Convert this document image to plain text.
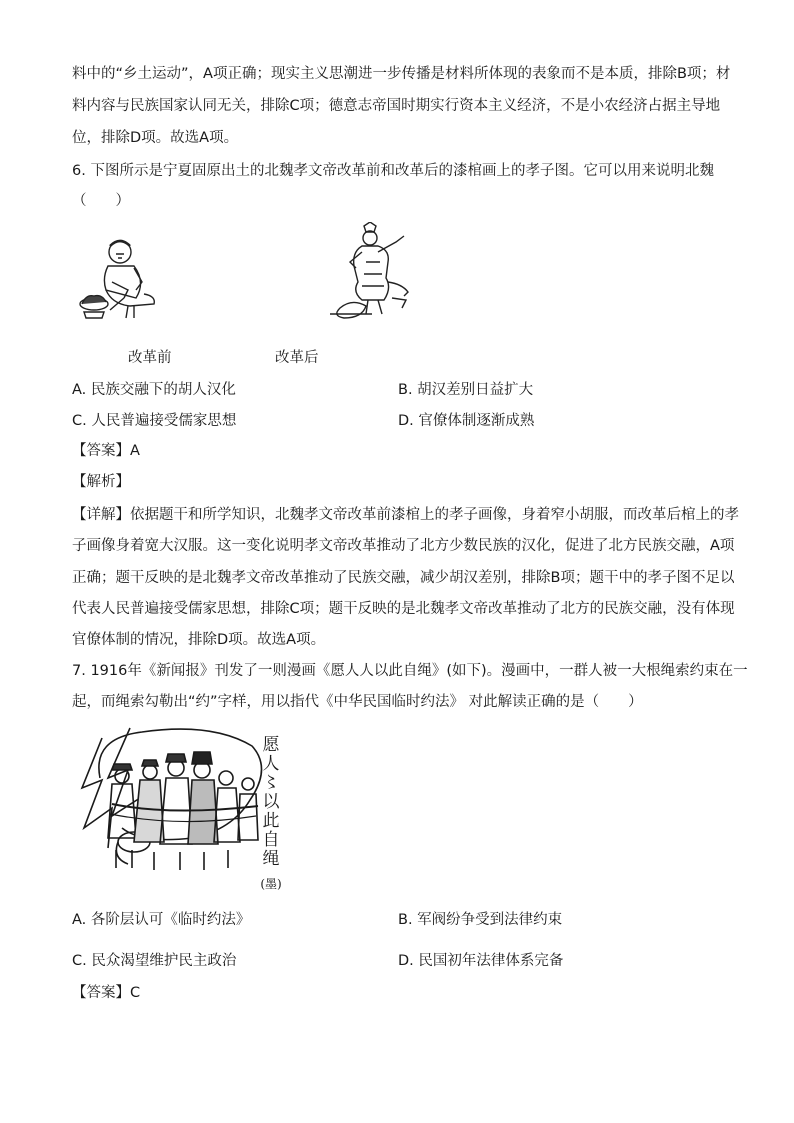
料中的“乡土运动”，A项正确；现实主义思潮进一步传播是材料所体现的表象而不是本质，排除B项；材
料内容与民族国家认同无关，排除C项；德意志帝国时期实行资本主义经济，不是小农经济占据主导地
位，排除D项。故选A项。
6. 下图所示是宁夏固原出土的北魏孝文帝改革前和改革后的漆棺画上的孝子图。它可以用来说明北魏
（　　）
改革前	改革后
A. 民族交融下的胡人汉化	B. 胡汉差别日益扩大
C. 人民普遍接受儒家思想	D. 官僚体制逐渐成熟
【答案】A
【解析】
【详解】依据题干和所学知识，北魏孝文帝改革前漆棺上的孝子画像，身着窄小胡服，而改革后棺上的孝
子画像身着宽大汉服。这一变化说明孝文帝改革推动了北方少数民族的汉化，促进了北方民族交融，A项
正确；题干反映的是北魏孝文帝改革推动了民族交融，减少胡汉差别，排除B项；题干中的孝子图不足以
代表人民普遍接受儒家思想，排除C项；题干反映的是北魏孝文帝改革推动了北方的民族交融，没有体现
官僚体制的情况，排除D项。故选A项。
7. 1916年《新闻报》刊发了一则漫画《愿人人以此自绳》(如下)。漫画中，一群人被一大根绳索约束在一
起，而绳索勾勒出“约”字样，用以指代《中华民国临时约法》 对此解读正确的是（　　）
愿
人
〻
以
此
自
绳
(墨)
A. 各阶层认可《临时约法》	B. 军阀纷争受到法律约束
C. 民众渴望维护民主政治	D. 民国初年法律体系完备
【答案】C
